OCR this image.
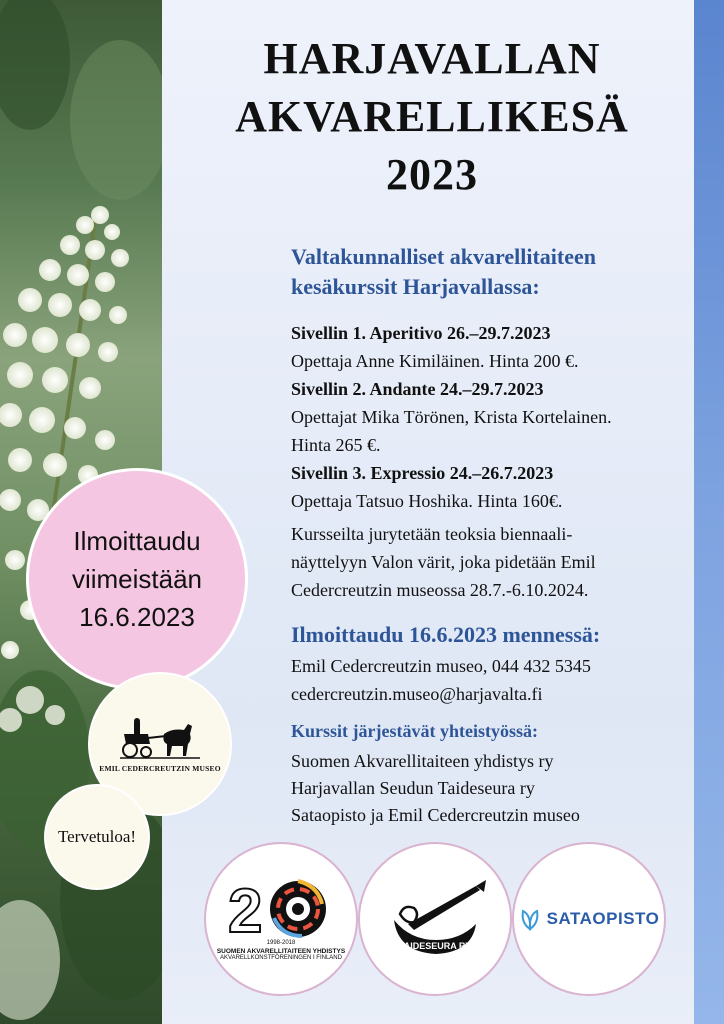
HARJAVALLAN
AKVARELLIKESÄ
2023
Valtakunnalliset akvarellitaiteen
kesäkurssit Harjavallassa:
Sivellin 1. Aperitivo 26.–29.7.2023
Opettaja Anne Kimiläinen. Hinta 200 €.
Sivellin 2. Andante 24.–29.7.2023
Opettajat Mika Törönen, Krista Kortelainen.
Hinta 265 €.
Sivellin 3. Expressio 24.–26.7.2023
Opettaja Tatsuo Hoshika. Hinta 160€.
Kursseilta jurytetään teoksia biennaali-
näyttelyyn Valon värit, joka pidetään Emil
Cedercreutzin museossa 28.7.-6.10.2024.
Ilmoittaudu 16.6.2023 mennessä:
Emil Cedercreutzin museo, 044 432 5345
cedercreutzin.museo@harjavalta.fi
Kurssit järjestävät yhteistyössä:
Suomen Akvarellitaiteen yhdistys ry
Harjavallan Seudun Taideseura ry
Sataopisto ja Emil Cedercreutzin museo
Ilmoittaudu
viimeistään
16.6.2023
EMIL CEDERCREUTZIN MUSEO
Tervetuloa!
2 1998-2018
SUOMEN AKVARELLITAITEEN YHDISTYS
AKVARELLKONSTFÖRENINGEN I FINLAND
TAIDESEURA RY
SATAOPISTO
